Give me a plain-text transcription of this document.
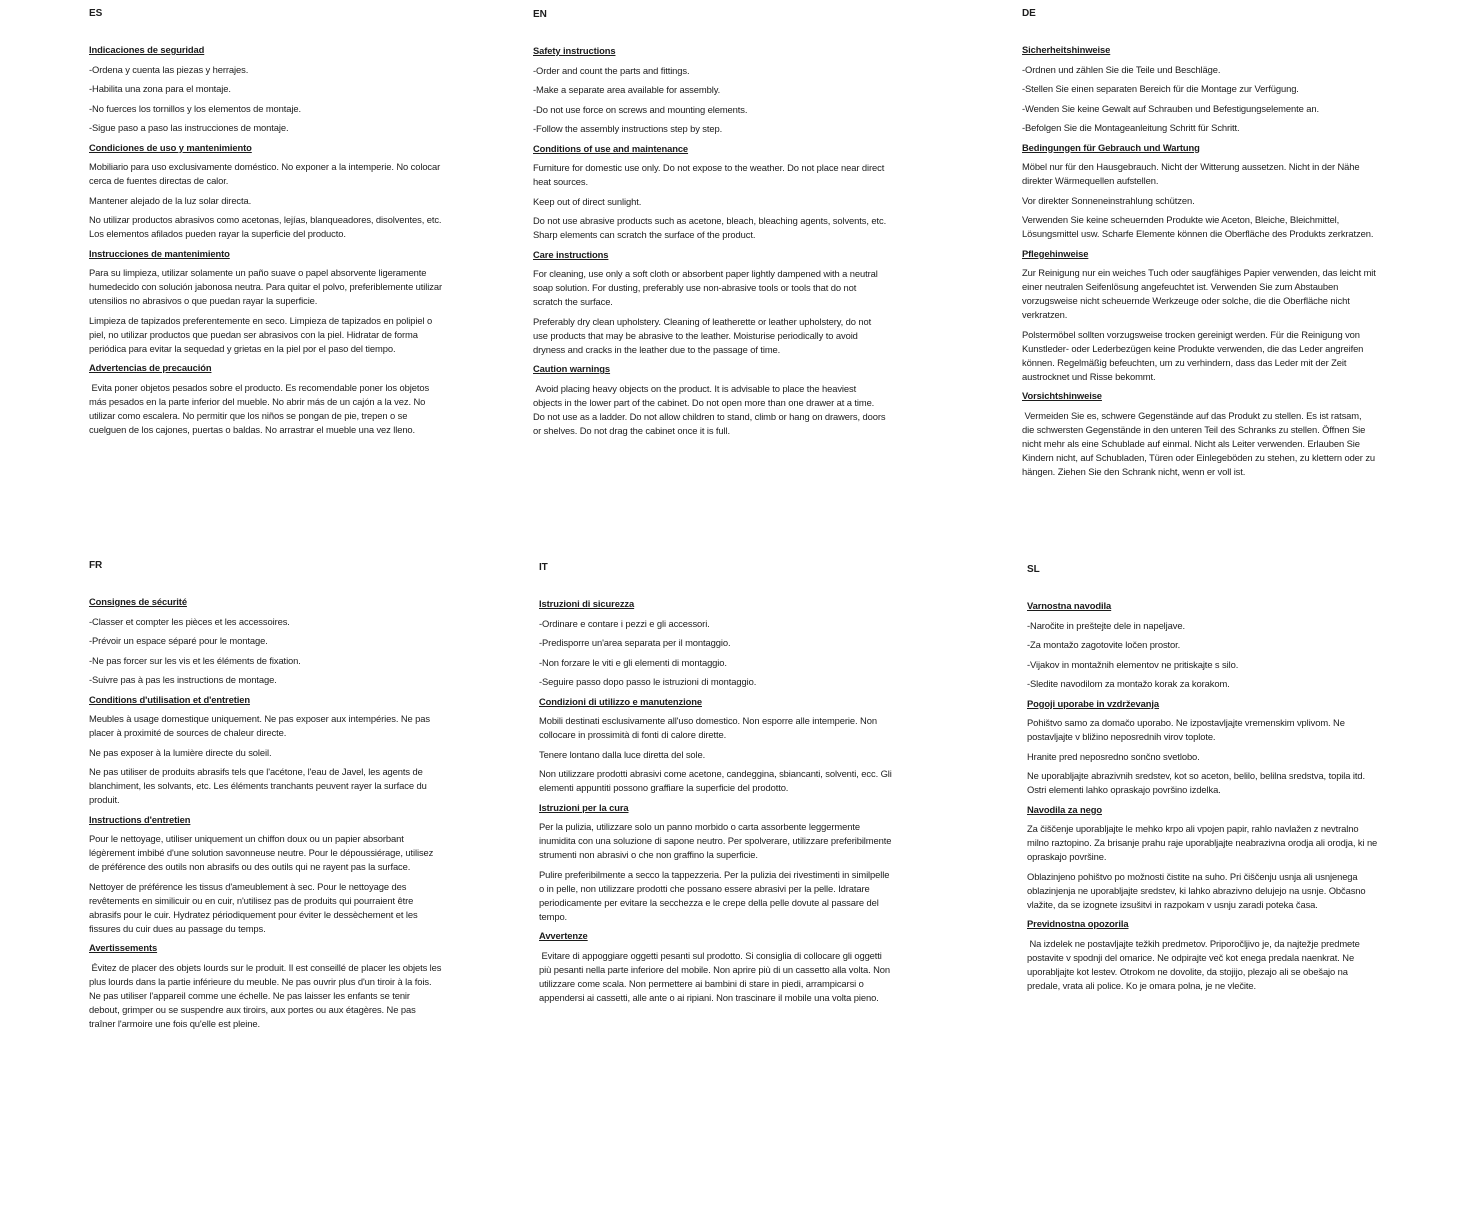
ES
Indicaciones de seguridad

-Ordena y cuenta las piezas y herrajes.

-Habilita una zona para el montaje.

-No fuerces los tornillos y los elementos de montaje.

-Sigue paso a paso las instrucciones de montaje.

Condiciones de uso y mantenimiento

Mobiliario para uso exclusivamente doméstico. No exponer a la intemperie. No colocar cerca de fuentes directas de calor.

Mantener alejado de la luz solar directa.

No utilizar productos abrasivos como acetonas, lejías, blanqueadores, disolventes, etc. Los elementos afilados pueden rayar la superficie del producto.

Instrucciones de mantenimiento

Para su limpieza, utilizar solamente un paño suave o papel absorvente ligeramente humedecido con solución jabonosa neutra. Para quitar el polvo, preferiblemente utilizar utensilios no abrasivos o que puedan rayar la superficie.

Limpieza de tapizados preferentemente en seco. Limpieza de tapizados en polipiel o piel, no utilizar productos que puedan ser abrasivos con la piel. Hidratar de forma periódica para evitar la sequedad y grietas en la piel por el paso del tiempo.

Advertencias de precaución

Evita poner objetos pesados sobre el producto. Es recomendable poner los objetos más pesados en la parte inferior del mueble. No abrir más de un cajón a la vez. No utilizar como escalera. No permitir que los niños se pongan de pie, trepen o se cuelguen de los cajones, puertas o baldas. No arrastrar el mueble una vez lleno.

EN
Safety instructions

-Order and count the parts and fittings.

-Make a separate area available for assembly.

-Do not use force on screws and mounting elements.

-Follow the assembly instructions step by step.

Conditions of use and maintenance

Furniture for domestic use only. Do not expose to the weather. Do not place near direct heat sources.

Keep out of direct sunlight.

Do not use abrasive products such as acetone, bleach, bleaching agents, solvents, etc. Sharp elements can scratch the surface of the product.

Care instructions

For cleaning, use only a soft cloth or absorbent paper lightly dampened with a neutral soap solution. For dusting, preferably use non-abrasive tools or tools that do not scratch the surface.

Preferably dry clean upholstery. Cleaning of leatherette or leather upholstery, do not use products that may be abrasive to the leather. Moisturise periodically to avoid dryness and cracks in the leather due to the passage of time.

Caution warnings

Avoid placing heavy objects on the product. It is advisable to place the heaviest objects in the lower part of the cabinet. Do not open more than one drawer at a time. Do not use as a ladder. Do not allow children to stand, climb or hang on drawers, doors or shelves. Do not drag the cabinet once it is full.

DE
Sicherheitshinweise

-Ordnen und zählen Sie die Teile und Beschläge.

-Stellen Sie einen separaten Bereich für die Montage zur Verfügung.

-Wenden Sie keine Gewalt auf Schrauben und Befestigungselemente an.

-Befolgen Sie die Montageanleitung Schritt für Schritt.

Bedingungen für Gebrauch und Wartung

Möbel nur für den Hausgebrauch. Nicht der Witterung aussetzen. Nicht in der Nähe direkter Wärmequellen aufstellen.

Vor direkter Sonneneinstrahlung schützen.

Verwenden Sie keine scheuernden Produkte wie Aceton, Bleiche, Bleichmittel, Lösungsmittel usw. Scharfe Elemente können die Oberfläche des Produkts zerkratzen.

Pflegehinweise

Zur Reinigung nur ein weiches Tuch oder saugfähiges Papier verwenden, das leicht mit einer neutralen Seifenlösung angefeuchtet ist. Verwenden Sie zum Abstauben vorzugsweise nicht scheuernde Werkzeuge oder solche, die die Oberfläche nicht verkratzen.

Polstermöbel sollten vorzugsweise trocken gereinigt werden. Für die Reinigung von Kunstleder- oder Lederbezügen keine Produkte verwenden, die das Leder angreifen können. Regelmäßig befeuchten, um zu verhindern, dass das Leder mit der Zeit austrocknet und Risse bekommt.

Vorsichtshinweise

Vermeiden Sie es, schwere Gegenstände auf das Produkt zu stellen. Es ist ratsam, die schwersten Gegenstände in den unteren Teil des Schranks zu stellen. Öffnen Sie nicht mehr als eine Schublade auf einmal. Nicht als Leiter verwenden. Erlauben Sie Kindern nicht, auf Schubladen, Türen oder Einlegeböden zu stehen, zu klettern oder zu hängen. Ziehen Sie den Schrank nicht, wenn er voll ist.

FR
Consignes de sécurité

-Classer et compter les pièces et les accessoires.

-Prévoir un espace séparé pour le montage.

-Ne pas forcer sur les vis et les éléments de fixation.

-Suivre pas à pas les instructions de montage.

Conditions d'utilisation et d'entretien

Meubles à usage domestique uniquement. Ne pas exposer aux intempéries. Ne pas placer à proximité de sources de chaleur directe.

Ne pas exposer à la lumière directe du soleil.

Ne pas utiliser de produits abrasifs tels que l'acétone, l'eau de Javel, les agents de blanchiment, les solvants, etc. Les éléments tranchants peuvent rayer la surface du produit.

Instructions d'entretien

Pour le nettoyage, utiliser uniquement un chiffon doux ou un papier absorbant légèrement imbibé d'une solution savonneuse neutre. Pour le dépoussiérage, utilisez de préférence des outils non abrasifs ou des outils qui ne rayent pas la surface.

Nettoyer de préférence les tissus d'ameublement à sec. Pour le nettoyage des revêtements en similicuir ou en cuir, n'utilisez pas de produits qui pourraient être abrasifs pour le cuir. Hydratez périodiquement pour éviter le dessèchement et les fissures du cuir dues au passage du temps.

Avertissements

Évitez de placer des objets lourds sur le produit. Il est conseillé de placer les objets les plus lourds dans la partie inférieure du meuble. Ne pas ouvrir plus d'un tiroir à la fois. Ne pas utiliser l'appareil comme une échelle. Ne pas laisser les enfants se tenir debout, grimper ou se suspendre aux tiroirs, aux portes ou aux étagères. Ne pas traîner l'armoire une fois qu'elle est pleine.

IT
Istruzioni di sicurezza

-Ordinare e contare i pezzi e gli accessori.

-Predisporre un'area separata per il montaggio.

-Non forzare le viti e gli elementi di montaggio.

-Seguire passo dopo passo le istruzioni di montaggio.

Condizioni di utilizzo e manutenzione

Mobili destinati esclusivamente all'uso domestico. Non esporre alle intemperie. Non collocare in prossimità di fonti di calore dirette.

Tenere lontano dalla luce diretta del sole.

Non utilizzare prodotti abrasivi come acetone, candeggina, sbiancanti, solventi, ecc. Gli elementi appuntiti possono graffiare la superficie del prodotto.

Istruzioni per la cura

Per la pulizia, utilizzare solo un panno morbido o carta assorbente leggermente inumidita con una soluzione di sapone neutro. Per spolverare, utilizzare preferibilmente strumenti non abrasivi o che non graffino la superficie.

Pulire preferibilmente a secco la tappezzeria. Per la pulizia dei rivestimenti in similpelle o in pelle, non utilizzare prodotti che possano essere abrasivi per la pelle. Idratare periodicamente per evitare la secchezza e le crepe della pelle dovute al passare del tempo.

Avvertenze

Evitare di appoggiare oggetti pesanti sul prodotto. Si consiglia di collocare gli oggetti più pesanti nella parte inferiore del mobile. Non aprire più di un cassetto alla volta. Non utilizzare come scala. Non permettere ai bambini di stare in piedi, arrampicarsi o appendersi ai cassetti, alle ante o ai ripiani. Non trascinare il mobile una volta pieno.

SL
Varnostna navodila

-Naročite in preštejte dele in napeljave.

-Za montažo zagotovite ločen prostor.

-Vijakov in montažnih elementov ne pritiskajte s silo.

-Sledite navodilom za montažo korak za korakom.

Pogoji uporabe in vzdrževanja

Pohištvo samo za domačo uporabo. Ne izpostavljajte vremenskim vplivom. Ne postavljajte v bližino neposrednih virov toplote.

Hranite pred neposredno sončno svetlobo.

Ne uporabljajte abrazivnih sredstev, kot so aceton, belilo, belilna sredstva, topila itd. Ostri elementi lahko opraskajo površino izdelka.

Navodila za nego

Za čiščenje uporabljajte le mehko krpo ali vpojen papir, rahlo navlažen z nevtralno milno raztopino. Za brisanje prahu raje uporabljajte neabrazivna orodja ali orodja, ki ne opraskajo površine.

Oblazinjeno pohištvo po možnosti čistite na suho. Pri čiščenju usnja ali usnjenega oblazinjenja ne uporabljajte sredstev, ki lahko abrazivno delujejo na usnje. Občasno vlažite, da se izognete izsušitvi in razpokam v usnju zaradi poteka časa.

Previdnostna opozorila

Na izdelek ne postavljajte težkih predmetov. Priporočljivo je, da najtežje predmete postavite v spodnji del omarice. Ne odpirajte več kot enega predala naenkrat. Ne uporabljajte kot lestev. Otrokom ne dovolite, da stojijo, plezajo ali se obešajo na predale, vrata ali police. Ko je omara polna, je ne vlečite.
